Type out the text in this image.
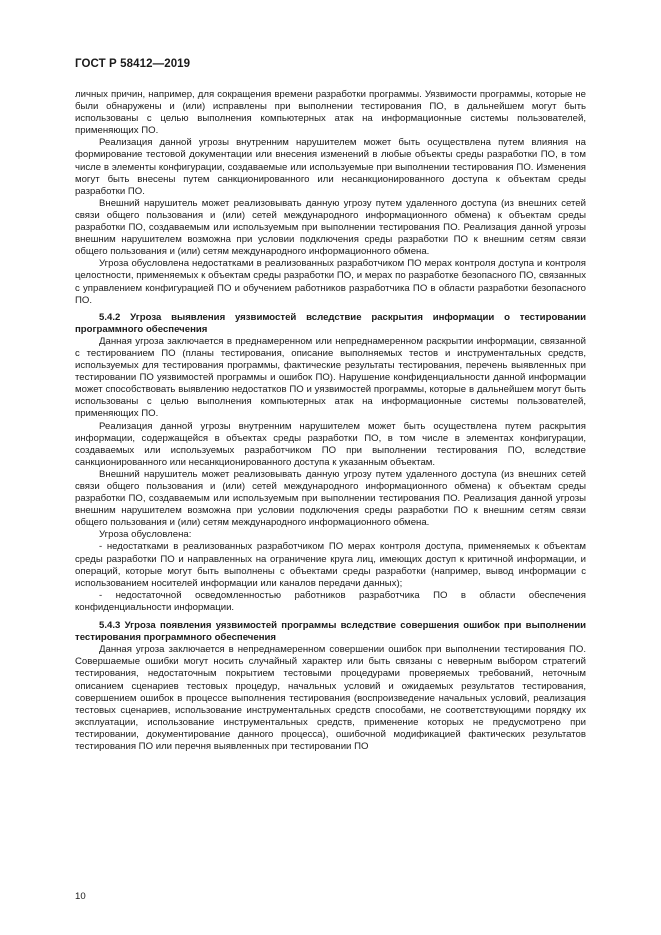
ГОСТ Р 58412—2019

личных причин, например, для сокращения времени разработки программы. Уязвимости программы, которые не были обнаружены и (или) исправлены при выполнении тестирования ПО, в дальнейшем могут быть использованы с целью выполнения компьютерных атак на информационные системы пользователей, применяющих ПО.

Реализация данной угрозы внутренним нарушителем может быть осуществлена путем влияния на формирование тестовой документации или внесения изменений в любые объекты среды разработки ПО, в том числе в элементы конфигурации, создаваемые или используемые при выполнении тестирования ПО. Изменения могут быть внесены путем санкционированного или несанкционированного доступа к объектам среды разработки ПО.

Внешний нарушитель может реализовывать данную угрозу путем удаленного доступа (из внешних сетей связи общего пользования и (или) сетей международного информационного обмена) к объектам среды разработки ПО, создаваемым или используемым при выполнении тестирования ПО. Реализация данной угрозы внешним нарушителем возможна при условии подключения среды разработки ПО к внешним сетям связи общего пользования и (или) сетям международного информационного обмена.

Угроза обусловлена недостатками в реализованных разработчиком ПО мерах контроля доступа и контроля целостности, применяемых к объектам среды разработки ПО, и мерах по разработке безопасного ПО, связанных с управлением конфигурацией ПО и обучением работников разработчика ПО в области разработки безопасного ПО.

5.4.2 Угроза выявления уязвимостей вследствие раскрытия информации о тестировании программного обеспечения

Данная угроза заключается в преднамеренном или непреднамеренном раскрытии информации, связанной с тестированием ПО (планы тестирования, описание выполняемых тестов и инструментальных средств, используемых для тестирования программы, фактические результаты тестирования, перечень выявленных при тестировании ПО уязвимостей программы и ошибок ПО). Нарушение конфиденциальности данной информации может способствовать выявлению недостатков ПО и уязвимостей программы, которые в дальнейшем могут быть использованы с целью выполнения компьютерных атак на информационные системы пользователей, применяющих ПО.

Реализация данной угрозы внутренним нарушителем может быть осуществлена путем раскрытия информации, содержащейся в объектах среды разработки ПО, в том числе в элементах конфигурации, создаваемых или используемых разработчиком ПО при выполнении тестирования ПО, вследствие санкционированного или несанкционированного доступа к указанным объектам.

Внешний нарушитель может реализовывать данную угрозу путем удаленного доступа (из внешних сетей связи общего пользования и (или) сетей международного информационного обмена) к объектам среды разработки ПО, создаваемым или используемым при выполнении тестирования ПО. Реализация данной угрозы внешним нарушителем возможна при условии подключения среды разработки ПО к внешним сетям связи общего пользования и (или) сетям международного информационного обмена.

Угроза обусловлена:

- недостатками в реализованных разработчиком ПО мерах контроля доступа, применяемых к объектам среды разработки ПО и направленных на ограничение круга лиц, имеющих доступ к критичной информации, и операций, которые могут быть выполнены с объектами среды разработки (например, вывод информации с использованием носителей информации или каналов передачи данных);

- недостаточной осведомленностью работников разработчика ПО в области обеспечения конфиденциальности информации.

5.4.3 Угроза появления уязвимостей программы вследствие совершения ошибок при выполнении тестирования программного обеспечения

Данная угроза заключается в непреднамеренном совершении ошибок при выполнении тестирования ПО. Совершаемые ошибки могут носить случайный характер или быть связаны с неверным выбором стратегий тестирования, недостаточным покрытием тестовыми процедурами проверяемых требований, неточным описанием сценариев тестовых процедур, начальных условий и ожидаемых результатов тестирования, совершением ошибок в процессе выполнения тестирования (воспроизведение начальных условий, реализация тестовых сценариев, использование инструментальных средств способами, не соответствующими порядку их эксплуатации, использование инструментальных средств, применение которых не предусмотрено при тестировании, документирование данного процесса), ошибочной модификацией фактических результатов тестирования ПО или перечня выявленных при тестировании ПО

10
